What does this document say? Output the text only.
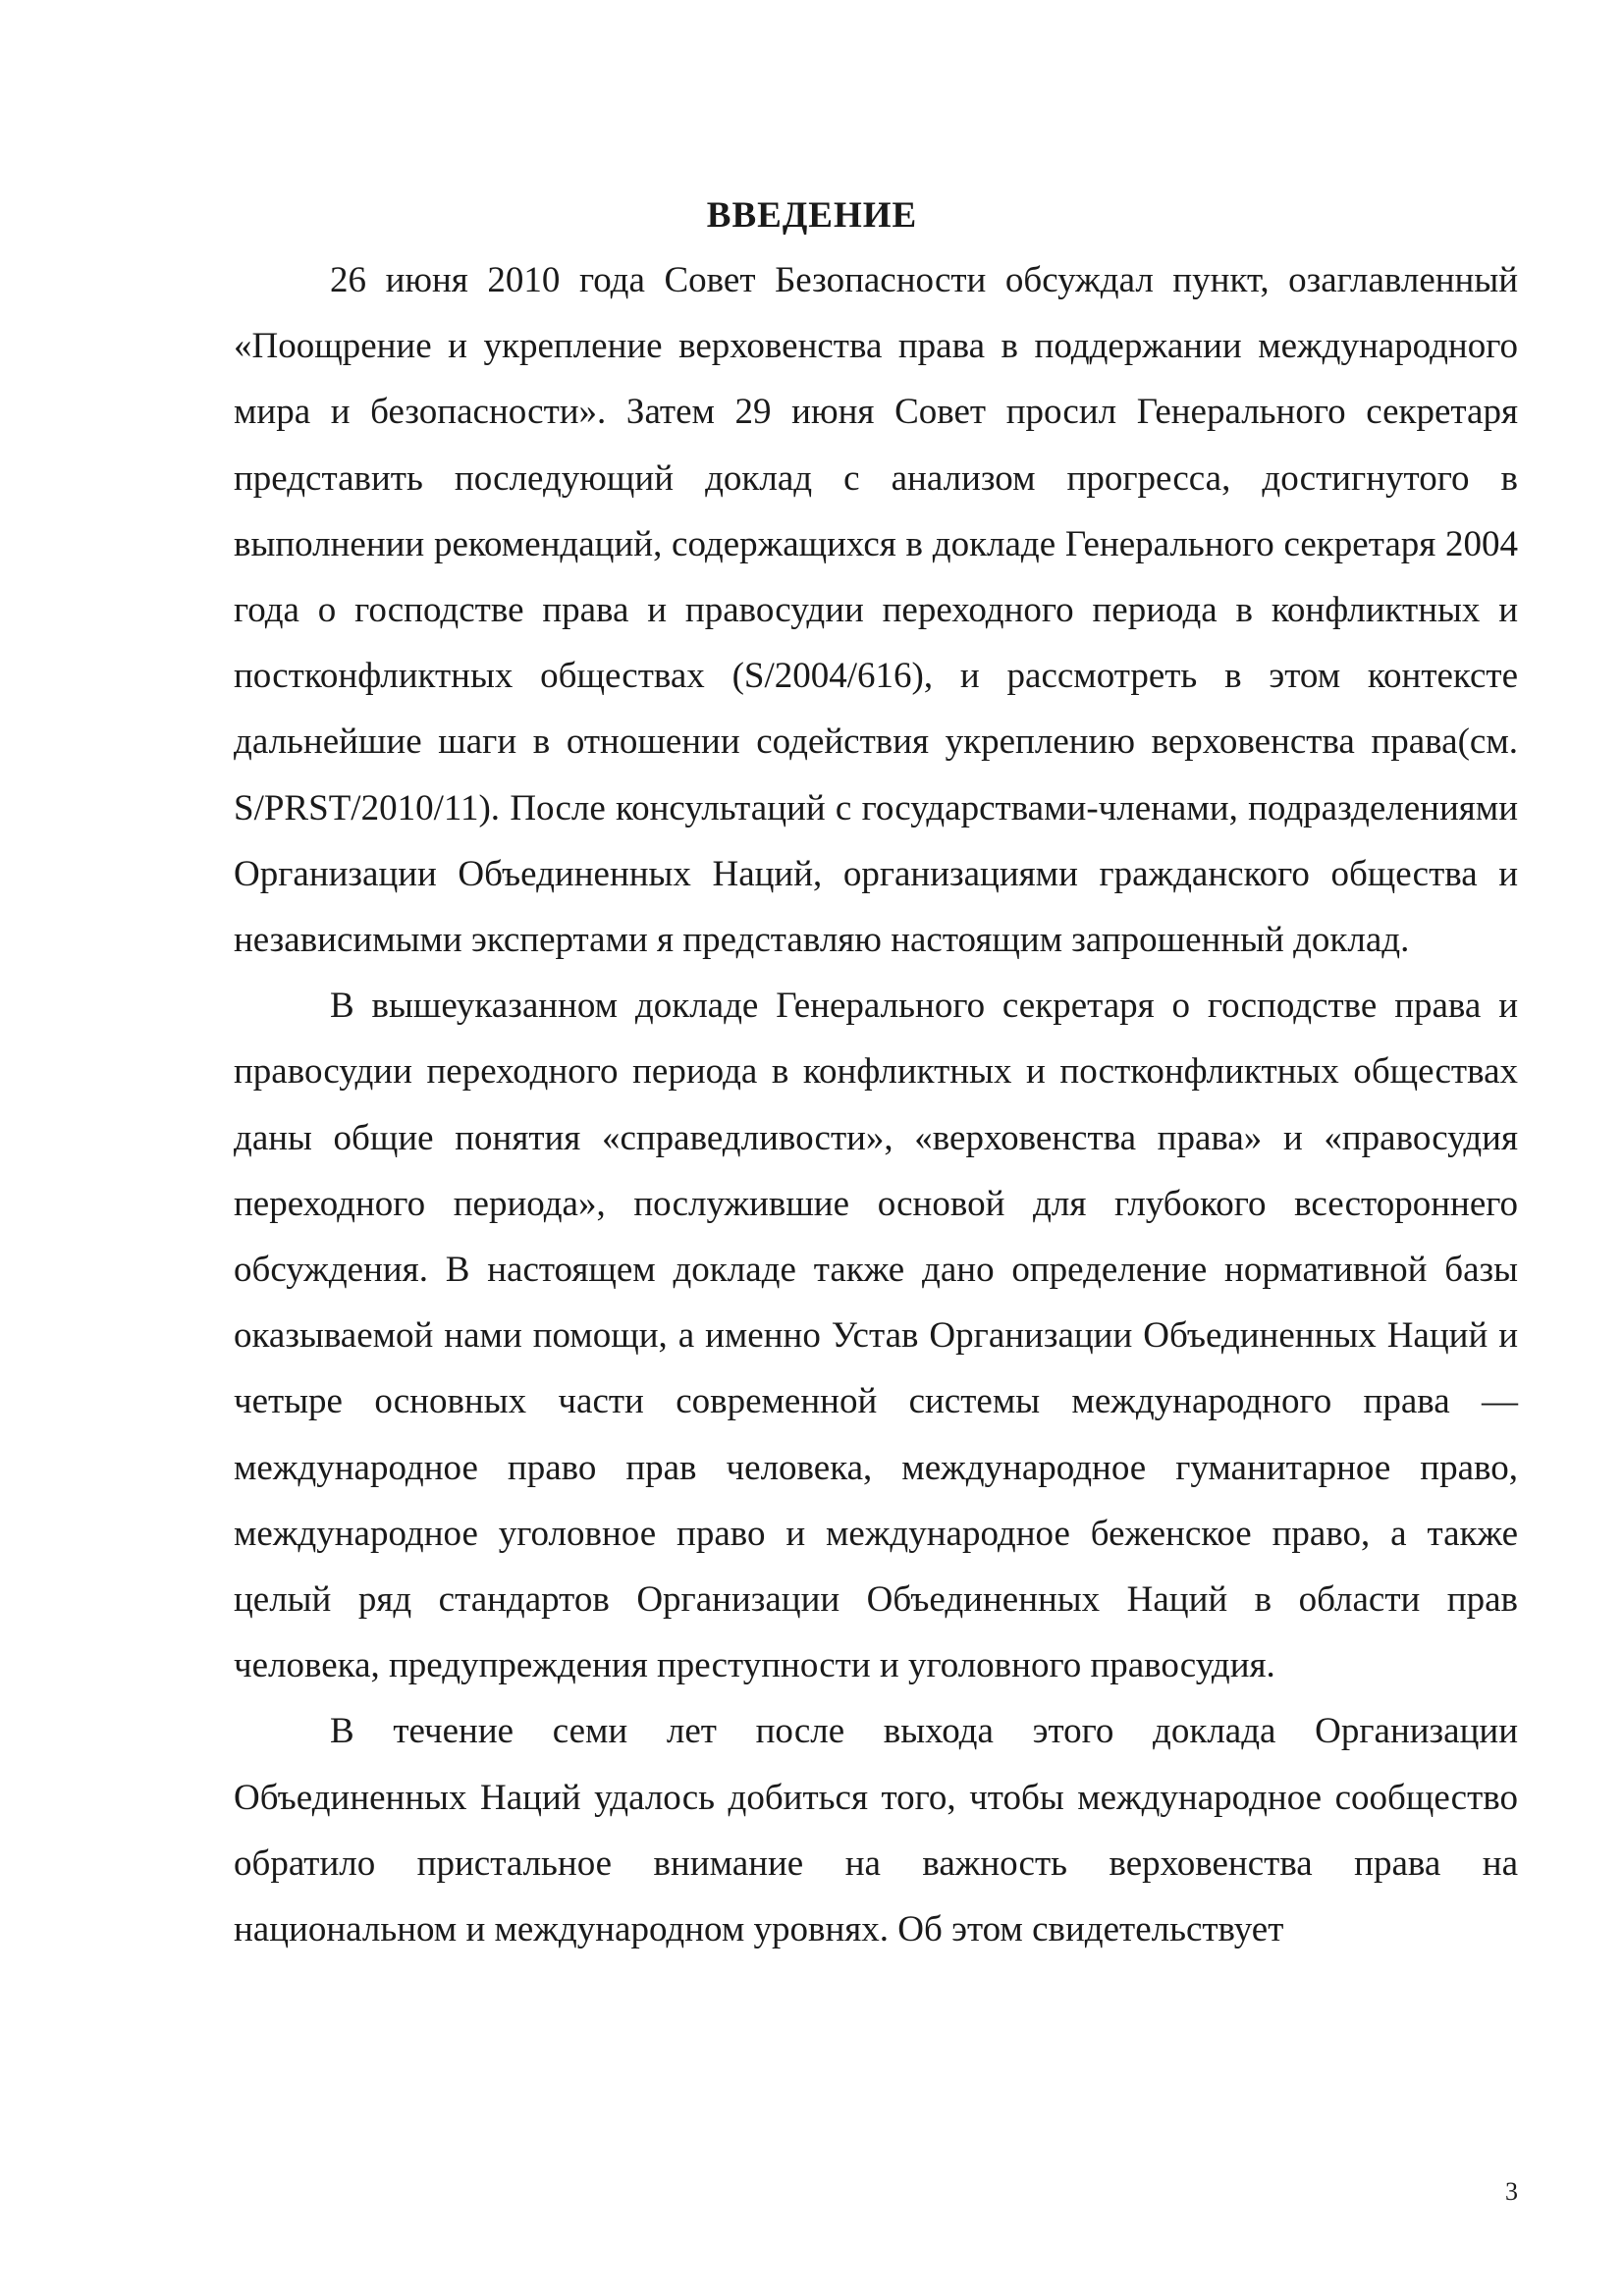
ВВЕДЕНИЕ

26 июня 2010 года Совет Безопасности обсуждал пункт, озаглавленный «Поощрение и укрепление верховенства права в поддержании международного мира и безопасности». Затем 29 июня Совет просил Генерального секретаря представить последующий доклад с анализом прогресса, достигнутого в выполнении рекомендаций, содержащихся в докладе Генерального секретаря 2004 года о господстве права и правосудии переходного периода в конфликтных и постконфликтных обществах (S/2004/616), и рассмотреть в этом контексте дальнейшие шаги в отношении содействия укреплению верховенства права(см. S/PRST/2010/11). После консультаций с государствами-членами, подразделениями Организации Объединенных Наций, организациями гражданского общества и независимыми экспертами я представляю настоящим запрошенный доклад.

В вышеуказанном докладе Генерального секретаря о господстве права и правосудии переходного периода в конфликтных и постконфликтных обществах даны общие понятия «справедливости», «верховенства права» и «правосудия переходного периода», послужившие основой для глубокого всестороннего обсуждения. В настоящем докладе также дано определение нормативной базы оказываемой нами помощи, а именно Устав Организации Объединенных Наций и четыре основных части современной системы международного права — международное право прав человека, международное гуманитарное право, международное уголовное право и международное беженское право, а также целый ряд стандартов Организации Объединенных Наций в области прав человека, предупреждения преступности и уголовного правосудия.

В течение семи лет после выхода этого доклада Организации Объединенных Наций удалось добиться того, чтобы международное сообщество обратило пристальное внимание на важность верховенства права на национальном и международном уровнях. Об этом свидетельствует

3
